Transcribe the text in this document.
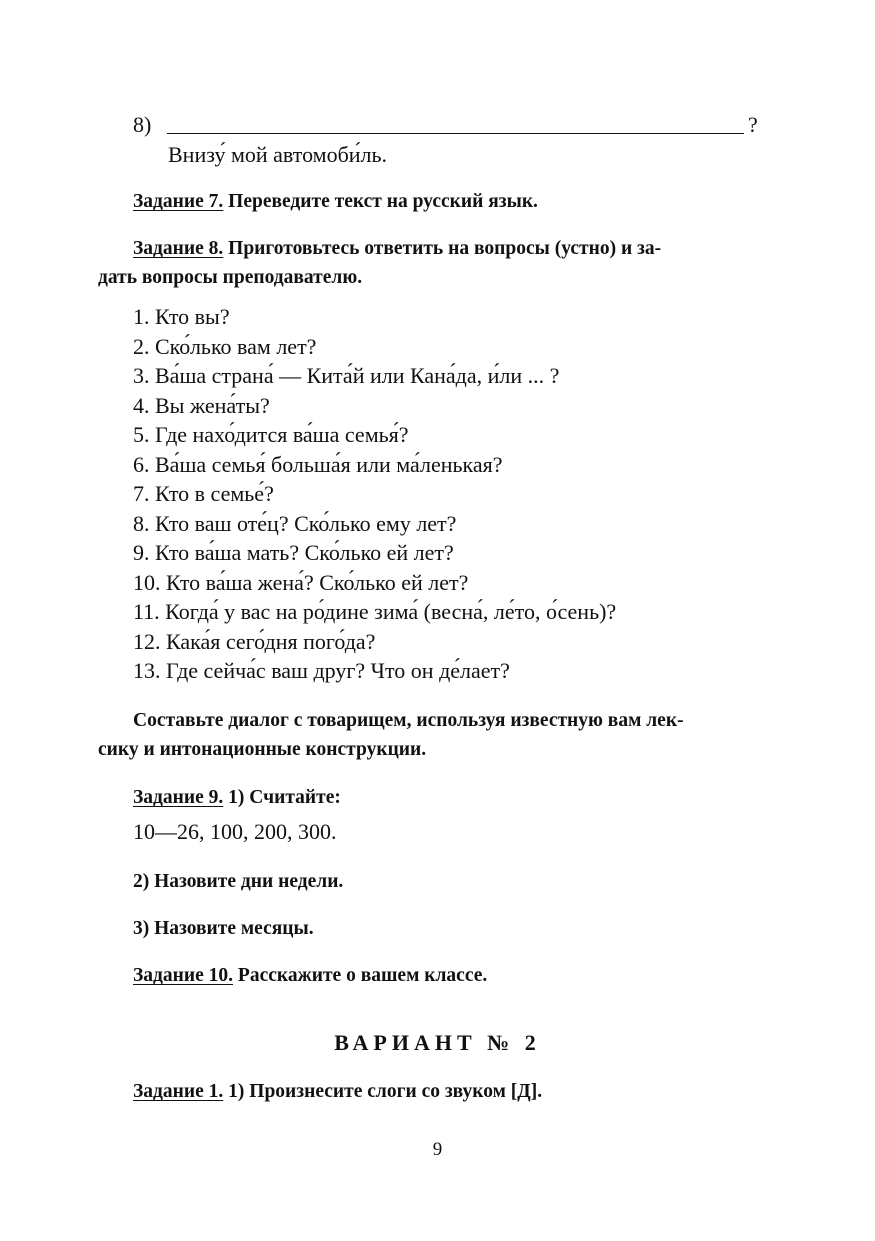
8)	?
Внизу́ мой автомоби́ль.
Задание 7. Переведите текст на русский язык.
Задание 8. Приготовьтесь ответить на вопросы (устно) и за-
дать вопросы преподавателю.
1. Кто вы?
2. Ско́лько вам лет?
3. Ва́ша страна́ — Кита́й или Кана́да, и́ли ... ?
4. Вы жена́ты?
5. Где нахо́дится ва́ша семья́?
6. Ва́ша семья́ больша́я или ма́ленькая?
7. Кто в семье́?
8. Кто ваш оте́ц? Ско́лько ему лет?
9. Кто ва́ша мать? Ско́лько ей лет?
10. Кто ва́ша жена́? Ско́лько ей лет?
11. Когда́ у вас на ро́дине зима́ (весна́, ле́то, о́сень)?
12. Кака́я сего́дня пого́да?
13. Где сейча́с ваш друг? Что он де́лает?
Составьте диалог с товарищем, используя известную вам лек-
сику и интонационные конструкции.
Задание 9. 1) Считайте:
10—26, 100, 200, 300.
2) Назовите дни недели.
3) Назовите месяцы.
Задание 10. Расскажите о вашем классе.
ВАРИАНТ № 2
Задание 1. 1) Произнесите слоги со звуком [Д].
9
